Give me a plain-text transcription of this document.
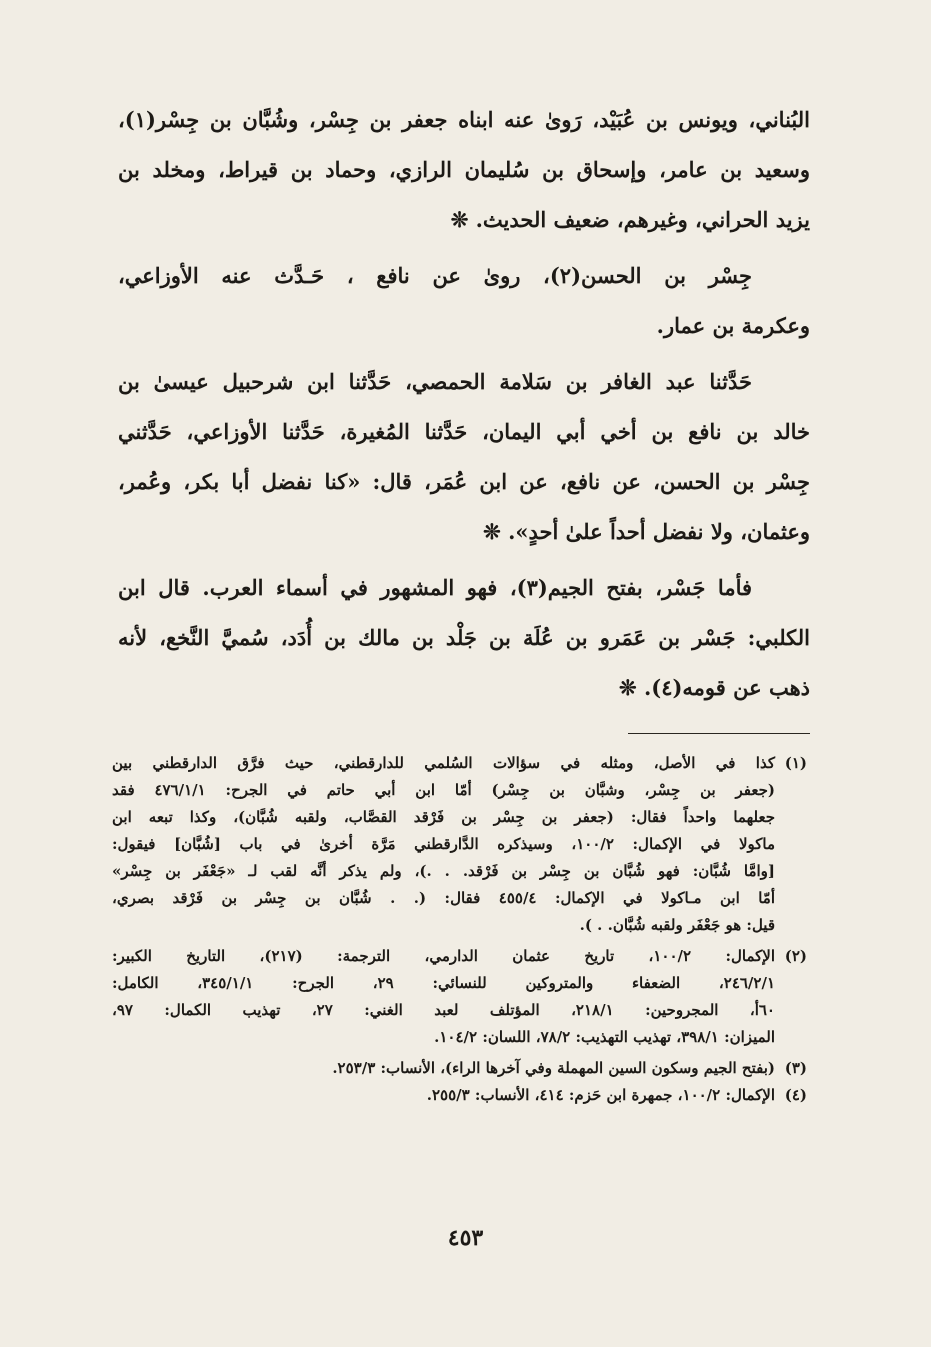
البُناني، ويونس بن عُبَيْد، رَوىٰ عنه ابناه جعفر بن جِسْر، وشُبَّان بن جِسْر(١)،
وسعيد بن عامر، وإسحاق بن سُليمان الرازي، وحماد بن قيراط، ومخلد بن
يزيد الحراني، وغيرهم، ضعيف الحديث. ❊
جِسْر بن الحسن(٢)، روىٰ عن نافع ، حَـدَّث عنه الأوزاعي،
وعكرمة بن عمار.
حَدَّثنا عبد الغافر بن سَلامة الحمصي، حَدَّثنا ابن شرحبيل عيسىٰ بن
خالد بن نافع بن أخي أبي اليمان، حَدَّثنا المُغيرة، حَدَّثنا الأوزاعي، حَدَّثني
جِسْر بن الحسن، عن نافع، عن ابن عُمَر، قال: «كنا نفضل أبا بكر، وعُمر،
وعثمان، ولا نفضل أحداً علىٰ أحدٍ». ❊
فأما جَسْر، بفتح الجيم(٣)، فهو المشهور في أسماء العرب. قال ابن
الكلبي: جَسْر بن عَمَرو بن عُلَة بن جَلْد بن مالك بن أُدَد، سُميَّ النَّخع، لأنه
ذهب عن قومه(٤). ❊
(١)كذا في الأصل، ومثله في سؤالات السُلمي للدارقطني، حيث فرَّق الدارقطني بين
(جعفر بن جِسْر، وشبَّان بن جِسْر) أمّا ابن أبي حاتم في الجرح: ٤٧٦/١/١ فقد
جعلهما واحداً فقال: (جعفر بن جِسْر بن فَرْقد القصَّاب، ولقبه شُبَّان)، وكذا تبعه ابن
ماكولا في الإكمال: ١٠٠/٢، وسيذكره الدَّارقطني مَرَّة أخرىٰ في باب [شُبَّان] فيقول:
[وامَّا شُبَّان: فهو شُبَّان بن جِسْر بن فَرْقد. . .)، ولم يذكر أنَّه لقب لـ «جَعْفَر بن جِسْر»
أمّا ابن مـاكولا في الإكمال: ٤٥٥/٤ فقال: (. . شُبَّان بن جِسْر بن فَرْقد بصري،
قيل: هو جَعْفَر ولقبه شُبَّان. . ).
(٢)الإكمال: ١٠٠/٢، تاريخ عثمان الدارمي، الترجمة: (٢١٧)، التاريخ الكبير:
٢٤٦/٢/١، الضعفاء والمتروكين للنسائي: ٢٩، الجرح: ٣٤٥/١/١، الكامل:
٦٠أ، المجروحين: ٢١٨/١، المؤتلف لعبد الغني: ٢٧، تهذيب الكمال: ٩٧،
الميزان: ٣٩٨/١، تهذيب التهذيب: ٧٨/٢، اللسان: ١٠٤/٢.
(٣)(بفتح الجيم وسكون السين المهملة وفي آخرها الراء)، الأنساب: ٢٥٣/٣.
(٤)الإكمال: ١٠٠/٢، جمهرة ابن حَزم: ٤١٤، الأنساب: ٢٥٥/٣.
٤٥٣
